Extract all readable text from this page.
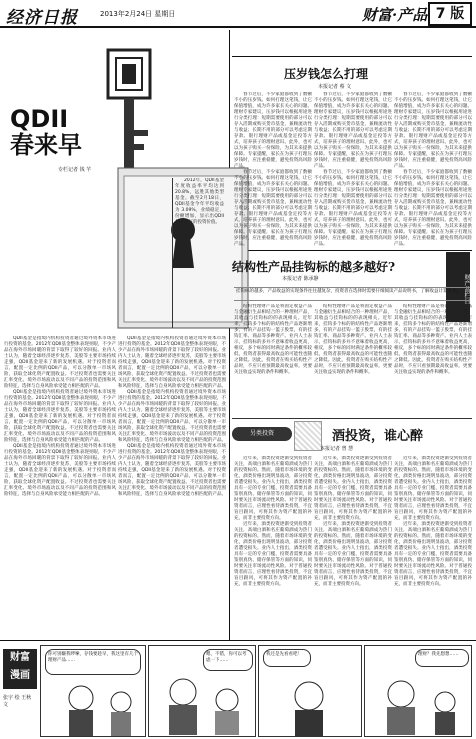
经济日报	2013年2月24日 星期日	财富·产品 7 版
QDII
春来早
专栏记者 钱 芊

2012年，QDII基金年度收益率平均达到 20.8%，远胜其他类型基金。截至2月18日，QDII基金今年平均收益为 3.09%，业绩稳定，份额增加，显示出QDII基金良好的投资价值。

QDII基金是指境内机构投资者通过境外资本市场进行投资的基金。2012年QDII基金整体表现亮眼，不少产品在海外市场回暖的背景下取得了较好的回报。业内人士认为，随着全球经济逐步复苏，美股等主要市场持续走强，QDII基金迎来了新的发展机遇。对于投资者而言，配置一定比例的QDII产品，可以分散单一市场风险，获取全球化资产配置收益。不过投资者也需要关注汇率变化、境外市场波动以及不同产品的投资范围和风险特征，选择与自身风险承受能力相匹配的产品。

QDII基金是指境内机构投资者通过境外资本市场进行投资的基金。2012年QDII基金整体表现亮眼，不少产品在海外市场回暖的背景下取得了较好的回报。业内人士认为，随着全球经济逐步复苏，美股等主要市场持续走强，QDII基金迎来了新的发展机遇。对于投资者而言，配置一定比例的QDII产品，可以分散单一市场风险，获取全球化资产配置收益。不过投资者也需要关注汇率变化、境外市场波动以及不同产品的投资范围和风险特征，选择与自身风险承受能力相匹配的产品。

QDII基金是指境内机构投资者通过境外资本市场进行投资的基金。2012年QDII基金整体表现亮眼，不少产品在海外市场回暖的背景下取得了较好的回报。业内人士认为，随着全球经济逐步复苏，美股等主要市场持续走强，QDII基金迎来了新的发展机遇。对于投资者而言，配置一定比例的QDII产品，可以分散单一市场风险，获取全球化资产配置收益。不过投资者也需要关注汇率变化、境外市场波动以及不同产品的投资范围和风险特征，选择与自身风险承受能力相匹配的产品。

QDII基金是指境内机构投资者通过境外资本市场进行投资的基金。2012年QDII基金整体表现亮眼，不少产品在海外市场回暖的背景下取得了较好的回报。业内人士认为，随着全球经济逐步复苏，美股等主要市场持续走强，QDII基金迎来了新的发展机遇。对于投资者而言，配置一定比例的QDII产品，可以分散单一市场风险，获取全球化资产配置收益。不过投资者也需要关注汇率变化、境外市场波动以及不同产品的投资范围和风险特征，选择与自身风险承受能力相匹配的产品。

QDII基金是指境内机构投资者通过境外资本市场进行投资的基金。2012年QDII基金整体表现亮眼，不少产品在海外市场回暖的背景下取得了较好的回报。业内人士认为，随着全球经济逐步复苏，美股等主要市场持续走强，QDII基金迎来了新的发展机遇。对于投资者而言，配置一定比例的QDII产品，可以分散单一市场风险，获取全球化资产配置收益。不过投资者也需要关注汇率变化、境外市场波动以及不同产品的投资范围和风险特征，选择与自身风险承受能力相匹配的产品。

QDII基金是指境内机构投资者通过境外资本市场进行投资的基金。2012年QDII基金整体表现亮眼，不少产品在海外市场回暖的背景下取得了较好的回报。业内人士认为，随着全球经济逐步复苏，美股等主要市场持续走强，QDII基金迎来了新的发展机遇。对于投资者而言，配置一定比例的QDII产品，可以分散单一市场风险，获取全球化资产配置收益。不过投资者也需要关注汇率变化、境外市场波动以及不同产品的投资范围和风险特征，选择与自身风险承受能力相匹配的产品。

压岁钱怎么打理
本报记者 蔡 文

春节过后，不少家庭都收到了数额不小的压岁钱。如何打理这笔钱，让它保值增值，成为许多家长关心的问题。理财专家建议，压岁钱可以根据用途进行分类打理：短期需要使用的部分可以存入活期或购买货币基金，兼顾流动性与收益；长期不用的部分可以考虑定期存款、银行理财产品或基金定投等方式，培养孩子的理财意识。此外，也可以为孩子购买一份保险，为其未来提供保障。专家提醒，家长在为孩子打理压岁钱时，应注重稳健，避免投资高风险产品。

春节过后，不少家庭都收到了数额不小的压岁钱。如何打理这笔钱，让它保值增值，成为许多家长关心的问题。理财专家建议，压岁钱可以根据用途进行分类打理：短期需要使用的部分可以存入活期或购买货币基金，兼顾流动性与收益；长期不用的部分可以考虑定期存款、银行理财产品或基金定投等方式，培养孩子的理财意识。此外，也可以为孩子购买一份保险，为其未来提供保障。专家提醒，家长在为孩子打理压岁钱时，应注重稳健，避免投资高风险产品。

春节过后，不少家庭都收到了数额不小的压岁钱。如何打理这笔钱，让它保值增值，成为许多家长关心的问题。理财专家建议，压岁钱可以根据用途进行分类打理：短期需要使用的部分可以存入活期或购买货币基金，兼顾流动性与收益；长期不用的部分可以考虑定期存款、银行理财产品或基金定投等方式，培养孩子的理财意识。此外，也可以为孩子购买一份保险，为其未来提供保障。专家提醒，家长在为孩子打理压岁钱时，应注重稳健，避免投资高风险产品。

春节过后，不少家庭都收到了数额不小的压岁钱。如何打理这笔钱，让它保值增值，成为许多家长关心的问题。理财专家建议，压岁钱可以根据用途进行分类打理：短期需要使用的部分可以存入活期或购买货币基金，兼顾流动性与收益；长期不用的部分可以考虑定期存款、银行理财产品或基金定投等方式，培养孩子的理财意识。此外，也可以为孩子购买一份保险，为其未来提供保障。专家提醒，家长在为孩子打理压岁钱时，应注重稳健，避免投资高风险产品。

春节过后，不少家庭都收到了数额不小的压岁钱。如何打理这笔钱，让它保值增值，成为许多家长关心的问题。理财专家建议，压岁钱可以根据用途进行分类打理：短期需要使用的部分可以存入活期或购买货币基金，兼顾流动性与收益；长期不用的部分可以考虑定期存款、银行理财产品或基金定投等方式，培养孩子的理财意识。此外，也可以为孩子购买一份保险，为其未来提供保障。专家提醒，家长在为孩子打理压岁钱时，应注重稳健，避免投资高风险产品。

春节过后，不少家庭都收到了数额不小的压岁钱。如何打理这笔钱，让它保值增值，成为许多家长关心的问题。理财专家建议，压岁钱可以根据用途进行分类打理：短期需要使用的部分可以存入活期或购买货币基金，兼顾流动性与收益；长期不用的部分可以考虑定期存款、银行理财产品或基金定投等方式，培养孩子的理财意识。此外，也可以为孩子购买一份保险，为其未来提供保障。专家提醒，家长在为孩子打理压岁钱时，应注重稳健，避免投资高风险产品。

结构性产品挂钩标的越多越好?
本报记者 陈承静	财产品栏目
挂钩标的越多，产品收益的实现条件往往越复杂，投资者在选择时需要仔细阅读产品说明书，了解收益计算方式。

结构性理财产品是将固定收益产品与金融衍生品相结合的一种理财产品，其收益与挂钩标的的表现相关。近年来，挂钩多个标的的结构性产品逐渐增多，有的产品挂钩一篮子股票，有的挂钩汇率、商品等多种资产。业内人士表示，挂钩标的多并不意味着收益更高，相反，多个标的同时满足条件的概率较低，投资者获得最高收益的可能性也随之降低。因此，投资者在购买结构性产品时，不应只看预期最高收益率，更要关注收益实现的条件和概率。

结构性理财产品是将固定收益产品与金融衍生品相结合的一种理财产品，其收益与挂钩标的的表现相关。近年来，挂钩多个标的的结构性产品逐渐增多，有的产品挂钩一篮子股票，有的挂钩汇率、商品等多种资产。业内人士表示，挂钩标的多并不意味着收益更高，相反，多个标的同时满足条件的概率较低，投资者获得最高收益的可能性也随之降低。因此，投资者在购买结构性产品时，不应只看预期最高收益率，更要关注收益实现的条件和概率。

结构性理财产品是将固定收益产品与金融衍生品相结合的一种理财产品，其收益与挂钩标的的表现相关。近年来，挂钩多个标的的结构性产品逐渐增多，有的产品挂钩一篮子股票，有的挂钩汇率、商品等多种资产。业内人士表示，挂钩标的多并不意味着收益更高，相反，多个标的同时满足条件的概率较低，投资者获得最高收益的可能性也随之降低。因此，投资者在购买结构性产品时，不应只看预期最高收益率，更要关注收益实现的条件和概率。

另类投资	酒投资，谁心醉
本报记者 曾 慧

近年来，酒类投资逐渐受到投资者关注，高端白酒和名庄葡萄酒成为热门的投资标的。然而，随着市场环境的变化，酒类价格出现明显波动，部分投资者遭受损失。业内人士指出，酒类投资具有一定的专业门槛，投资者需要具备鉴别真伪、储存保管等方面的知识，同时要关注市场流动性风险。对于普通投资者而言，应理性看待酒类投资，不宜盲目跟风，可将其作为资产配置的补充，而非主要投资方向。

近年来，酒类投资逐渐受到投资者关注，高端白酒和名庄葡萄酒成为热门的投资标的。然而，随着市场环境的变化，酒类价格出现明显波动，部分投资者遭受损失。业内人士指出，酒类投资具有一定的专业门槛，投资者需要具备鉴别真伪、储存保管等方面的知识，同时要关注市场流动性风险。对于普通投资者而言，应理性看待酒类投资，不宜盲目跟风，可将其作为资产配置的补充，而非主要投资方向。

近年来，酒类投资逐渐受到投资者关注，高端白酒和名庄葡萄酒成为热门的投资标的。然而，随着市场环境的变化，酒类价格出现明显波动，部分投资者遭受损失。业内人士指出，酒类投资具有一定的专业门槛，投资者需要具备鉴别真伪、储存保管等方面的知识，同时要关注市场流动性风险。对于普通投资者而言，应理性看待酒类投资，不宜盲目跟风，可将其作为资产配置的补充，而非主要投资方向。

近年来，酒类投资逐渐受到投资者关注，高端白酒和名庄葡萄酒成为热门的投资标的。然而，随着市场环境的变化，酒类价格出现明显波动，部分投资者遭受损失。业内人士指出，酒类投资具有一定的专业门槛，投资者需要具备鉴别真伪、储存保管等方面的知识，同时要关注市场流动性风险。对于普通投资者而言，应理性看待酒类投资，不宜盲目跟风，可将其作为资产配置的补充，而非主要投资方向。

近年来，酒类投资逐渐受到投资者关注，高端白酒和名庄葡萄酒成为热门的投资标的。然而，随着市场环境的变化，酒类价格出现明显波动，部分投资者遭受损失。业内人士指出，酒类投资具有一定的专业门槛，投资者需要具备鉴别真伪、储存保管等方面的知识，同时要关注市场流动性风险。对于普通投资者而言，应理性看待酒类投资，不宜盲目跟风，可将其作为资产配置的补充，而非主要投资方向。

近年来，酒类投资逐渐受到投资者关注，高端白酒和名庄葡萄酒成为热门的投资标的。然而，随着市场环境的变化，酒类价格出现明显波动，部分投资者遭受损失。业内人士指出，酒类投资具有一定的专业门槛，投资者需要具备鉴别真伪、储存保管等方面的知识，同时要关注市场流动性风险。对于普通投资者而言，应理性看待酒类投资，不宜盲目跟风，可将其作为资产配置的补充，而非主要投资方向。

财富
漫画
张宇 绘 王秋 文
你可别嫌我啰嗦，存钱要趁早，我这里有几个理财产品……
嗯，不错，你可以考虑一下……
我还是先看看吧！	理财？我先想想……
